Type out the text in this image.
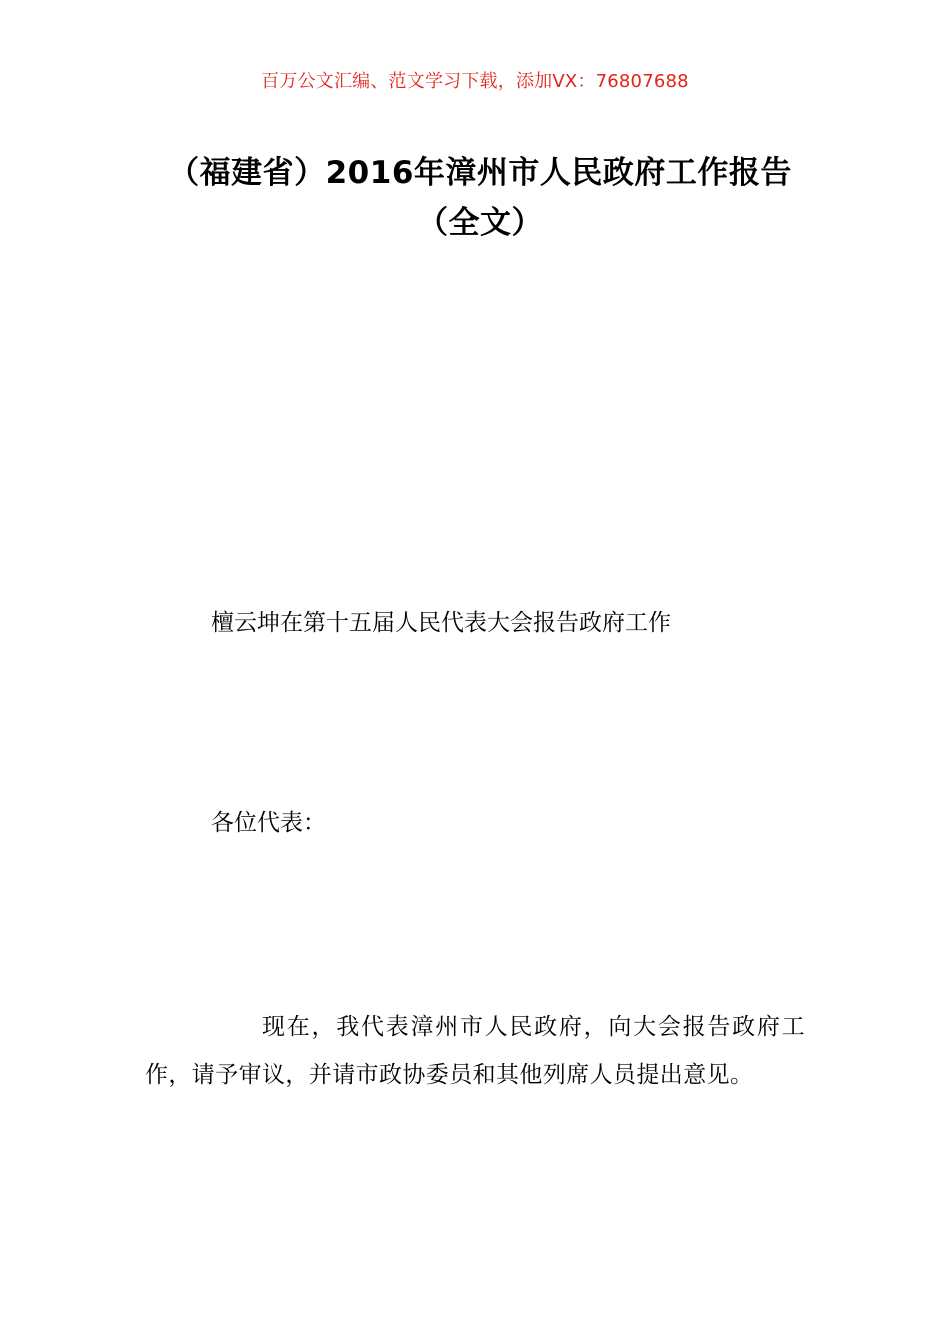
百万公文汇编、范文学习下载，添加VX：76807688
（福建省）2016年漳州市人民政府工作报告（全文）
檀云坤在第十五届人民代表大会报告政府工作
各位代表：
现在，我代表漳州市人民政府，向大会报告政府工作，请予审议，并请市政协委员和其他列席人员提出意见。
